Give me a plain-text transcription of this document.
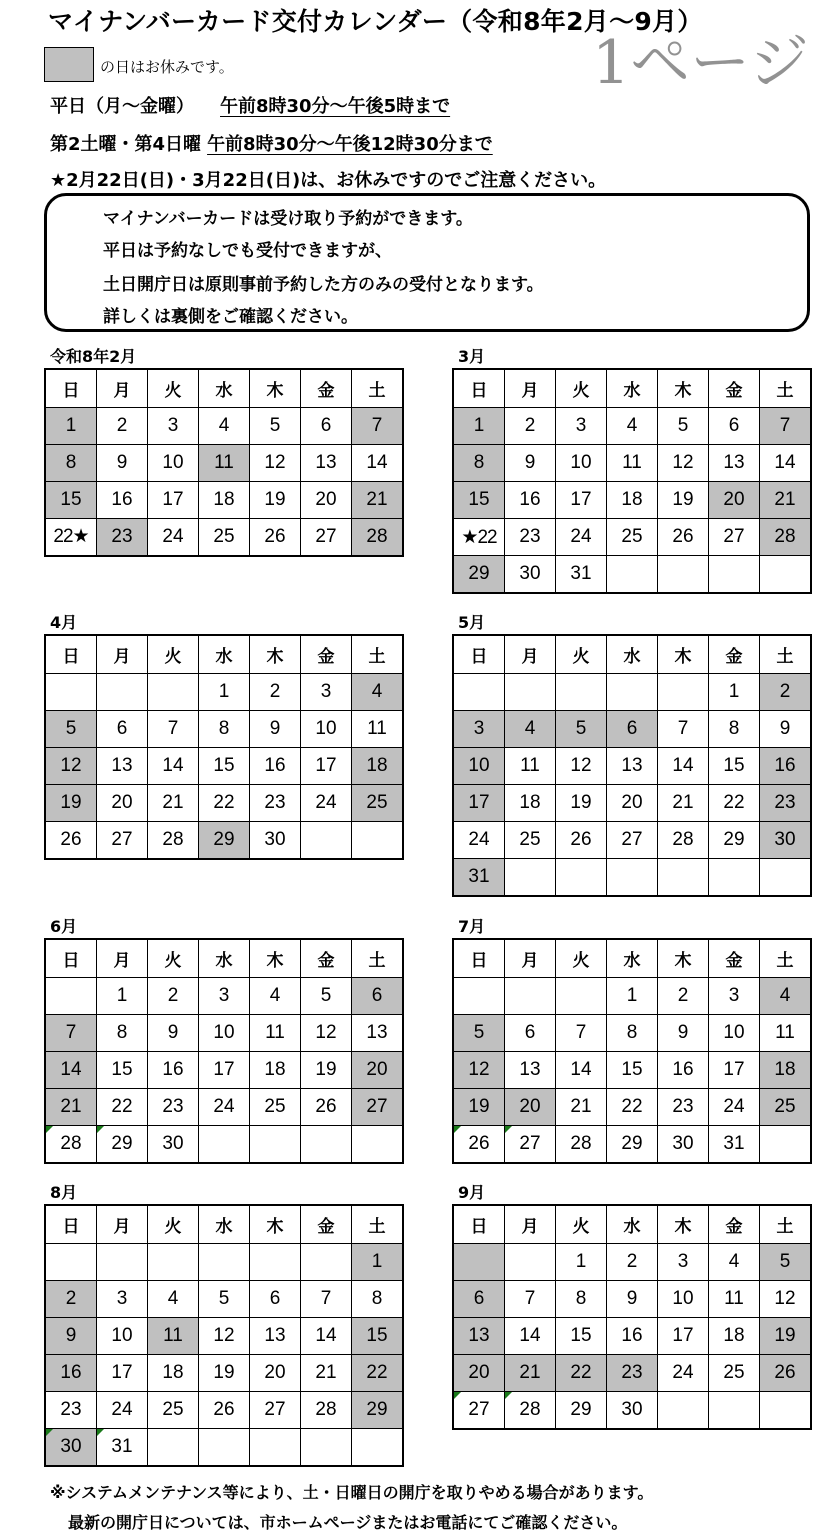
マイナンバーカード交付カレンダー（令和8年2月～9月）
の日はお休みです。	1ページ
平日（月～金曜） 午前8時30分～午後5時まで
第2土曜・第4日曜 午前8時30分～午後12時30分まで
★2月22日(日)・3月22日(日)は、お休みですのでご注意ください。
マイナンバーカードは受け取り予約ができます。
平日は予約なしでも受付できますが、
土日開庁日は原則事前予約した方のみの受付となります。
詳しくは裏側をご確認ください。
令和8年2月
日	月	火	水	木	金	土
1	2	3	4	5	6	7
8	9	10	11	12	13	14
15	16	17	18	19	20	21
22★	23	24	25	26	27	28
3月
日	月	火	水	木	金	土
1	2	3	4	5	6	7
8	9	10	11	12	13	14
15	16	17	18	19	20	21
★22	23	24	25	26	27	28
29	30	31				
4月
日	月	火	水	木	金	土
			1	2	3	4
5	6	7	8	9	10	11
12	13	14	15	16	17	18
19	20	21	22	23	24	25
26	27	28	29	30		
5月
日	月	火	水	木	金	土
					1	2
3	4	5	6	7	8	9
10	11	12	13	14	15	16
17	18	19	20	21	22	23
24	25	26	27	28	29	30
31						
6月
日	月	火	水	木	金	土
	1	2	3	4	5	6
7	8	9	10	11	12	13
14	15	16	17	18	19	20
21	22	23	24	25	26	27
28	29	30				
7月
日	月	火	水	木	金	土
			1	2	3	4
5	6	7	8	9	10	11
12	13	14	15	16	17	18
19	20	21	22	23	24	25
26	27	28	29	30	31	
8月
日	月	火	水	木	金	土
						1
2	3	4	5	6	7	8
9	10	11	12	13	14	15
16	17	18	19	20	21	22
23	24	25	26	27	28	29
30	31

9月
日	月	火	水	木	金	土
		1	2	3	4	5
6	7	8	9	10	11	12
13	14	15	16	17	18	19
20	21	22	23	24	25	26
27	28	29	30			
※システムメンテナンス等により、土・日曜日の開庁を取りやめる場合があります。
最新の開庁日については、市ホームページまたはお電話にてご確認ください。
